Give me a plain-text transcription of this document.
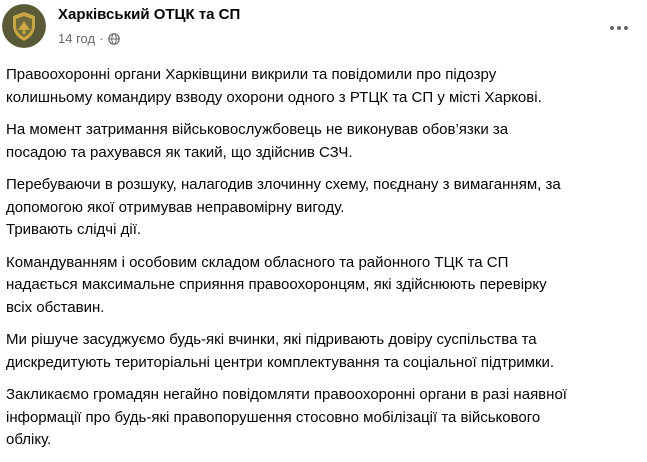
Харківський ОТЦК та СП
14 год ·

Правоохоронні органи Харківщини викрили та повідомили про підозру
колишньому командиру взводу охорони одного з РТЦК та СП у місті Харкові.

На момент затримання військовослужбовець не виконував обов’язки за
посадою та рахувався як такий, що здійснив СЗЧ.

Перебуваючи в розшуку, налагодив злочинну схему, поєднану з вимаганням, за
допомогою якої отримував неправомірну вигоду.
Тривають слідчі дії.

Командуванням і особовим складом обласного та районного ТЦК та СП
надається максимальне сприяння правоохоронцям, які здійснюють перевірку
всіх обставин.

Ми рішуче засуджуємо будь-які вчинки, які підривають довіру суспільства та
дискредитують територіальні центри комплектування та соціальної підтримки.

Закликаємо громадян негайно повідомляти правоохоронні органи в разі наявної
інформації про будь-які правопорушення стосовно мобілізації та військового
обліку.
